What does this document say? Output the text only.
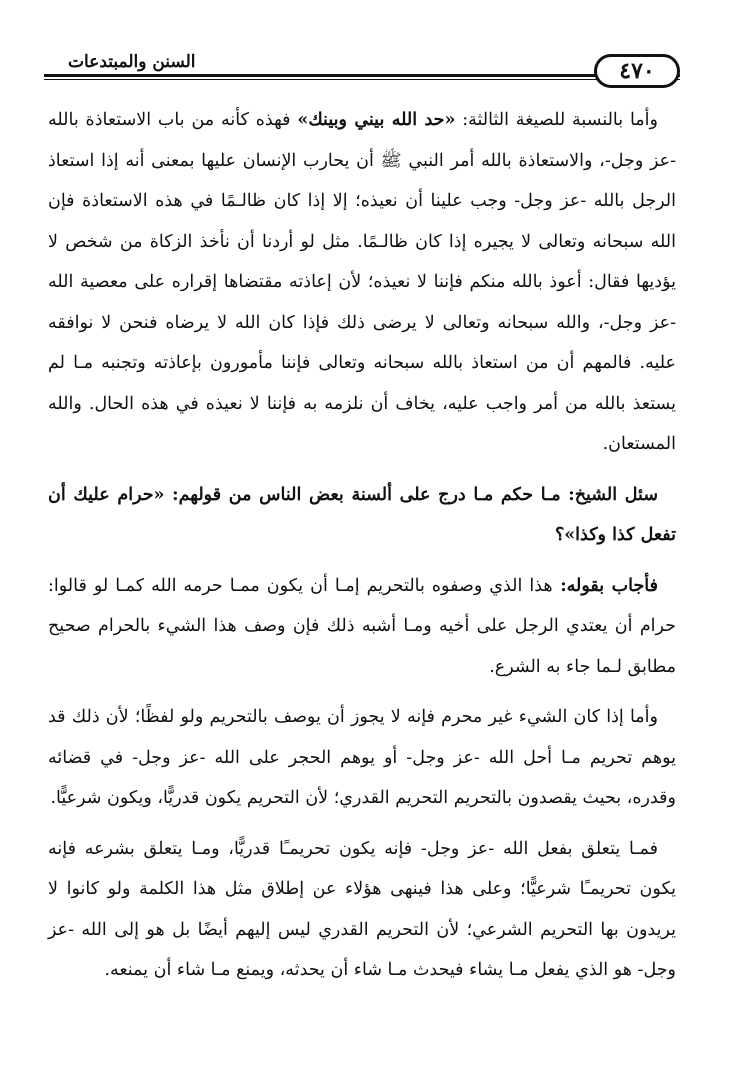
السنن والمبتدعات	٤٧٠

وأما بالنسبة للصيغة الثالثة: «حد الله بيني وبينك» فهذه كأنه من باب الاستعاذة بالله -عز وجل-، والاستعاذة بالله أمر النبي ﷺ أن يحارب الإنسان عليها بمعنى أنه إذا استعاذ الرجل بالله -عز وجل- وجب علينا أن نعيذه؛ إلا إذا كان ظالـمًا في هذه الاستعاذة فإن الله سبحانه وتعالى لا يجيره إذا كان ظالـمًا. مثل لو أردنا أن نأخذ الزكاة من شخص لا يؤديها فقال: أعوذ بالله منكم فإننا لا نعيذه؛ لأن إعاذته مقتضاها إقراره على معصية الله -عز وجل-، والله سبحانه وتعالى لا يرضى ذلك فإذا كان الله لا يرضاه فنحن لا نوافقه عليه. فالمهم أن من استعاذ بالله سبحانه وتعالى فإننا مأمورون بإعاذته وتجنبه مـا لم يستعذ بالله من أمر واجب عليه، يخاف أن نلزمه به فإننا لا نعيذه في هذه الحال. والله المستعان.

سئل الشيخ: مـا حكم مـا درج على ألسنة بعض الناس من قولهم: «حرام عليك أن تفعل كذا وكذا»؟

فأجاب بقوله: هذا الذي وصفوه بالتحريم إمـا أن يكون ممـا حرمه الله كمـا لو قالوا: حرام أن يعتدي الرجل على أخيه ومـا أشبه ذلك فإن وصف هذا الشيء بالحرام صحيح مطابق لـما جاء به الشرع.

وأما إذا كان الشيء غير محرم فإنه لا يجوز أن يوصف بالتحريم ولو لفظًا؛ لأن ذلك قد يوهم تحريم مـا أحل الله -عز وجل- أو يوهم الحجر على الله -عز وجل- في قضائه وقدره، بحيث يقصدون بالتحريم التحريم القدري؛ لأن التحريم يكون قدريًّا، ويكون شرعيًّا.

فمـا يتعلق بفعل الله -عز وجل- فإنه يكون تحريمـًا قدريًّا، ومـا يتعلق بشرعه فإنه يكون تحريمـًا شرعيًّا؛ وعلى هذا فينهى هؤلاء عن إطلاق مثل هذا الكلمة ولو كانوا لا يريدون بها التحريم الشرعي؛ لأن التحريم القدري ليس إليهم أيضًا بل هو إلى الله -عز وجل- هو الذي يفعل مـا يشاء فيحدث مـا شاء أن يحدثه، ويمنع مـا شاء أن يمنعه.
